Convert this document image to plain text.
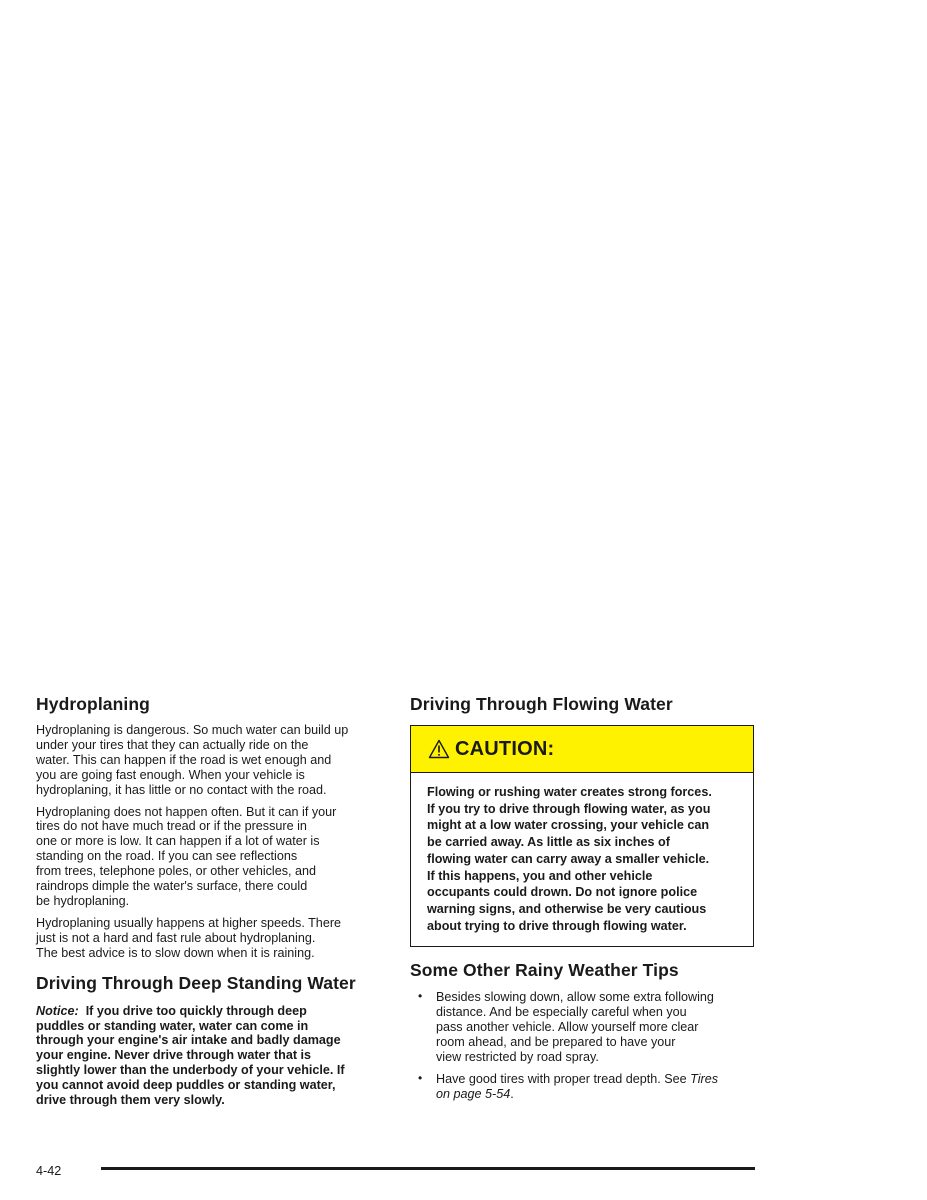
Hydroplaning

Hydroplaning is dangerous. So much water can build up
under your tires that they can actually ride on the
water. This can happen if the road is wet enough and
you are going fast enough. When your vehicle is
hydroplaning, it has little or no contact with the road.

Hydroplaning does not happen often. But it can if your
tires do not have much tread or if the pressure in
one or more is low. It can happen if a lot of water is
standing on the road. If you can see reflections
from trees, telephone poles, or other vehicles, and
raindrops dimple the water's surface, there could
be hydroplaning.

Hydroplaning usually happens at higher speeds. There
just is not a hard and fast rule about hydroplaning.
The best advice is to slow down when it is raining.

Driving Through Deep Standing Water

Notice: If you drive too quickly through deep
puddles or standing water, water can come in
through your engine's air intake and badly damage
your engine. Never drive through water that is
slightly lower than the underbody of your vehicle. If
you cannot avoid deep puddles or standing water,
drive through them very slowly.

Driving Through Flowing Water
CAUTION:
Flowing or rushing water creates strong forces.
If you try to drive through flowing water, as you
might at a low water crossing, your vehicle can
be carried away. As little as six inches of
flowing water can carry away a smaller vehicle.
If this happens, you and other vehicle
occupants could drown. Do not ignore police
warning signs, and otherwise be very cautious
about trying to drive through flowing water.
Some Other Rainy Weather Tips
• Besides slowing down, allow some extra following
distance. And be especially careful when you
pass another vehicle. Allow yourself more clear
room ahead, and be prepared to have your
view restricted by road spray.
• Have good tires with proper tread depth. See Tires
on page 5-54.
4-42
